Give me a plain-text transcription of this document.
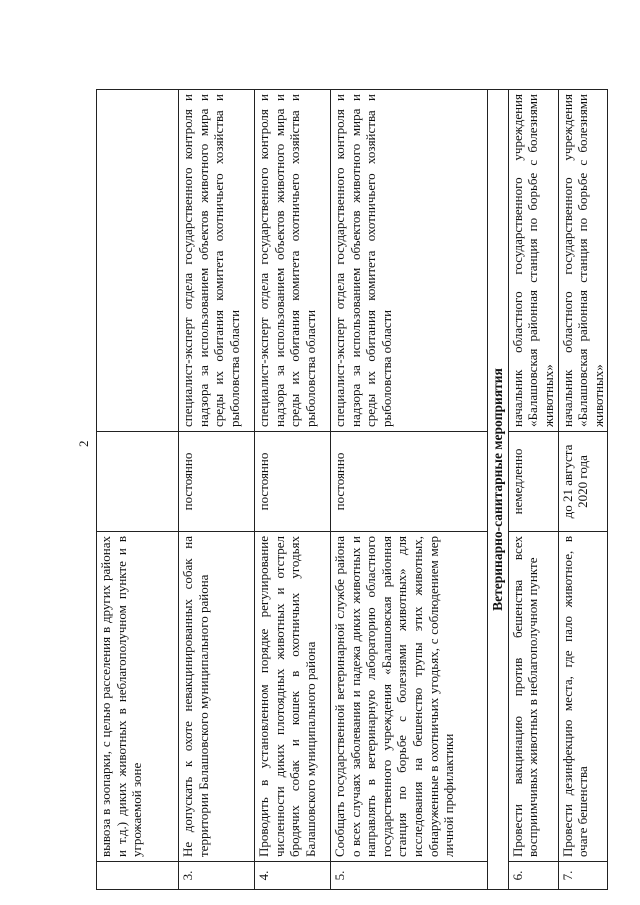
2
	вывоза в зоопарки, с целью расселения в других районах и т.д.) диких животных в неблагополучном пункте и в угрожаемой зоне		
3.	Не допускать к охоте невакцинированных собак на территории Балашовского муниципального района	постоянно	специалист-эксперт отдела государственного контроля и надзора за использованием объектов животного мира и среды их обитания комитета охотничьего хозяйства и рыболовства области
4.	Проводить в установленном порядке регулирование численности диких плотоядных животных и отстрел бродячих собак и кошек в охотничьих угодьях Балашовского муниципального района	постоянно	специалист-эксперт отдела государственного контроля и надзора за использованием объектов животного мира и среды их обитания комитета охотничьего хозяйства и рыболовства области
5.	Сообщать государственной ветеринарной службе района о всех случаях заболевания и падежа диких животных и направлять в ветеринарную лабораторию областного государственного учреждения «Балашовская районная станция по борьбе с болезнями животных» для исследования на бешенство трупы этих животных, обнаруженные в охотничьих угодьях, с соблюдением мер личной профилактики	постоянно	специалист-эксперт отдела государственного контроля и надзора за использованием объектов животного мира и среды их обитания комитета охотничьего хозяйства и рыболовства области
Ветеринарно-санитарные мероприятия			
6.	Провести вакцинацию против бешенства всех восприимчивых животных в неблагополучном пункте	немедленно	начальник областного государственного учреждения «Балашовская районная станция по борьбе с болезнями животных»
7.	Провести дезинфекцию места, где пало животное, в очаге бешенства	до 21 августа 2020 года	начальник областного государственного учреждения «Балашовская районная станция по борьбе с болезнями животных»
